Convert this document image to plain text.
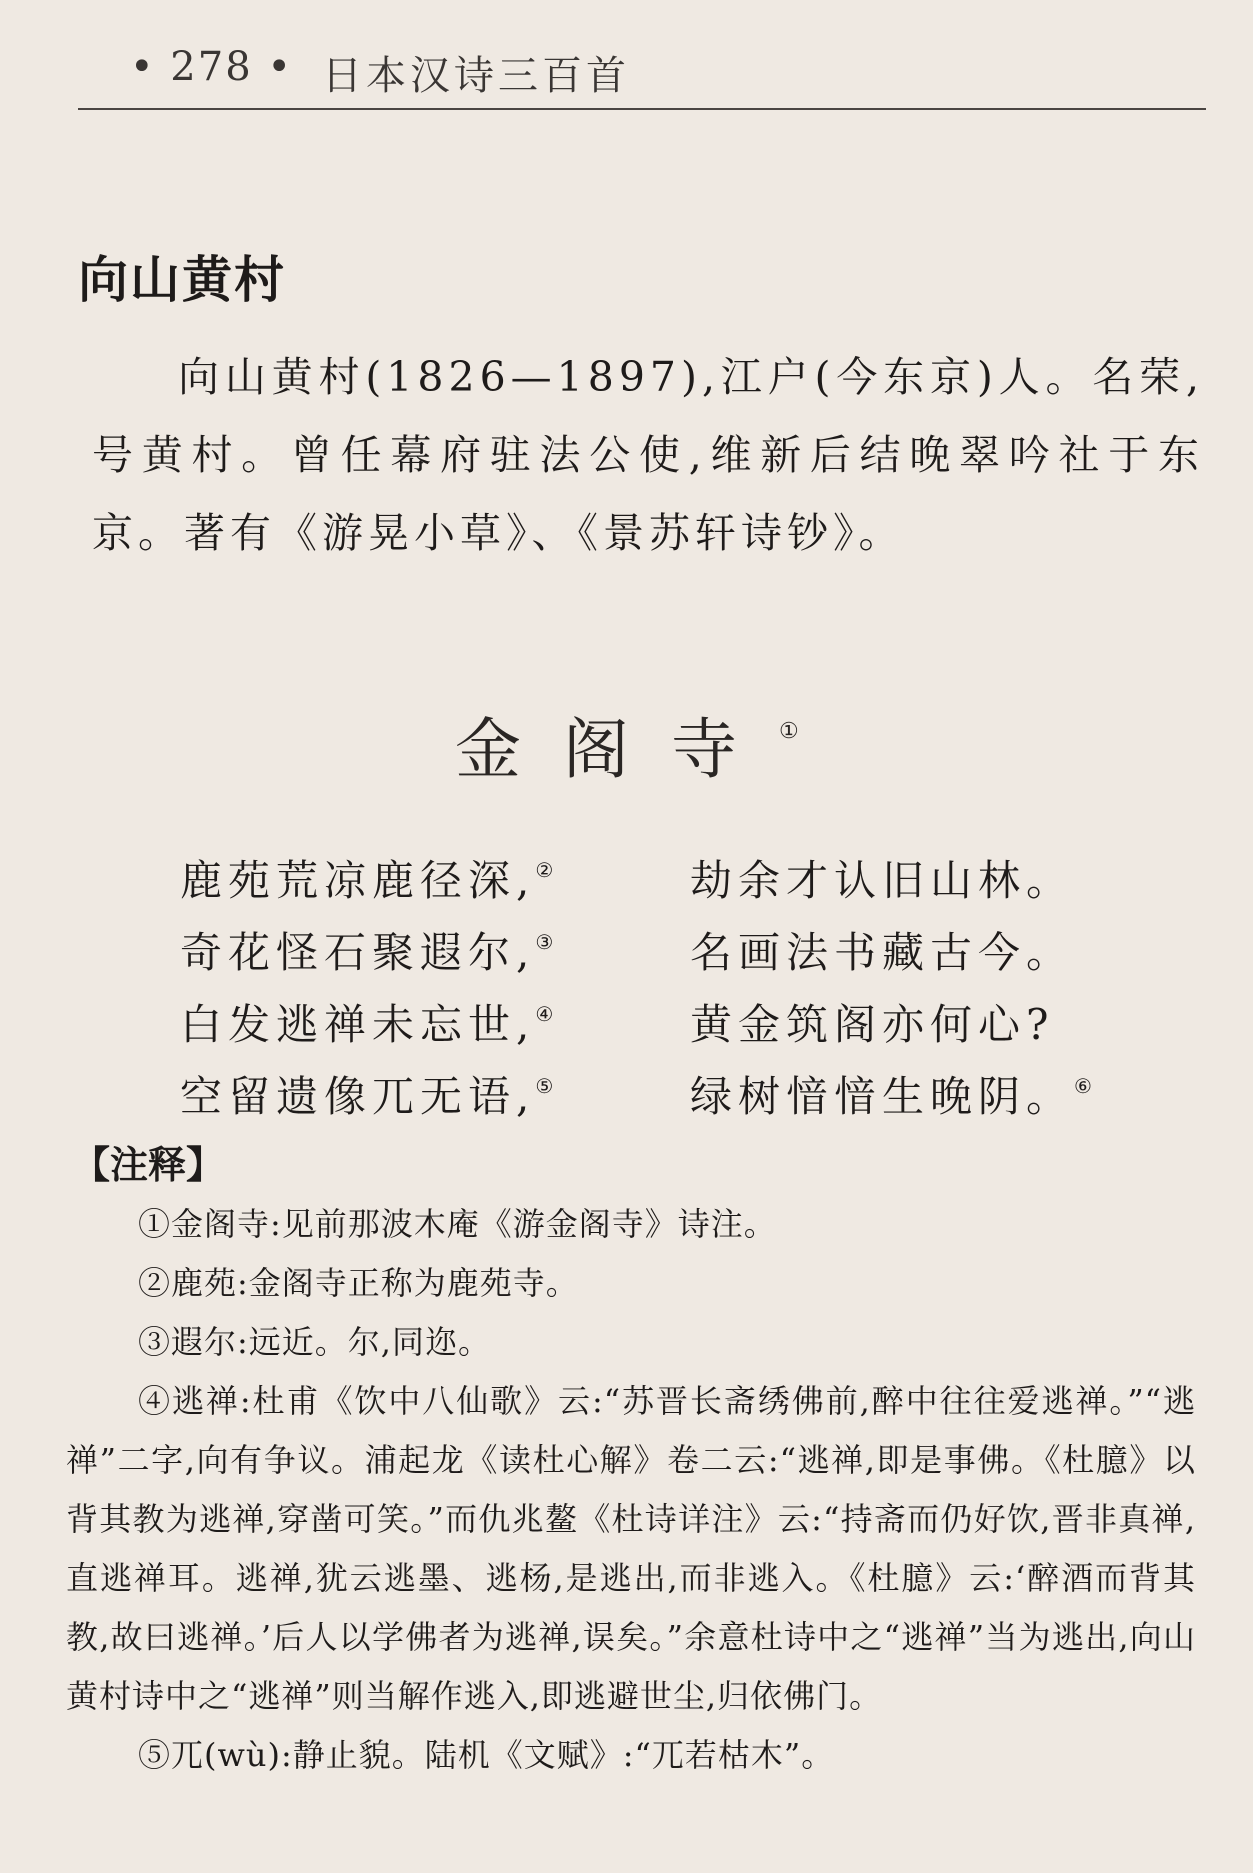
• 278 • 日本汉诗三百首
向山黄村

向山黄村(1826—1897),江户(今东京)人。名荣,号黄村。曾任幕府驻法公使,维新后结晚翠吟社于东京。著有《游晃小草》、《景苏轩诗钞》。

金阁寺①
鹿苑荒凉鹿径深,②	劫余才认旧山林。
奇花怪石聚遐尔,③	名画法书藏古今。
白发逃禅未忘世,④	黄金筑阁亦何心?
空留遗像兀无语,⑤	绿树愔愔生晚阴。⑥
【注释】

①金阁寺:见前那波木庵《游金阁寺》诗注。

②鹿苑:金阁寺正称为鹿苑寺。

③遐尔:远近。尔,同迩。

④逃禅:杜甫《饮中八仙歌》云:“苏晋长斋绣佛前,醉中往往爱逃禅。”“逃禅”二字,向有争议。浦起龙《读杜心解》卷二云:“逃禅,即是事佛。《杜臆》以背其教为逃禅,穿凿可笑。”而仇兆鳌《杜诗详注》云:“持斋而仍好饮,晋非真禅,直逃禅耳。逃禅,犹云逃墨、逃杨,是逃出,而非逃入。《杜臆》云:‘醉酒而背其教,故曰逃禅。’后人以学佛者为逃禅,误矣。”余意杜诗中之“逃禅”当为逃出,向山黄村诗中之“逃禅”则当解作逃入,即逃避世尘,归依佛门。

⑤兀(wù):静止貌。陆机《文赋》:“兀若枯木”。
